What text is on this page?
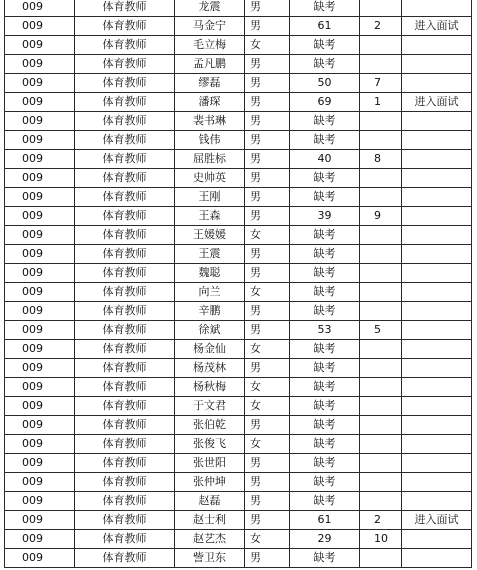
009	体育教师	龙震	男	缺考		
009	体育教师	马金宁	男	61	2	进入面试
009	体育教师	毛立梅	女	缺考		
009	体育教师	孟凡鹏	男	缺考		
009	体育教师	缪磊	男	50	7	
009	体育教师	潘琛	男	69	1	进入面试
009	体育教师	裴书琳	男	缺考		
009	体育教师	钱伟	男	缺考		
009	体育教师	屈胜标	男	40	8	
009	体育教师	史帅英	男	缺考		
009	体育教师	王刚	男	缺考		
009	体育教师	王森	男	39	9	
009	体育教师	王媛媛	女	缺考		
009	体育教师	王震	男	缺考		
009	体育教师	魏聪	男	缺考		
009	体育教师	向兰	女	缺考		
009	体育教师	辛鹏	男	缺考		
009	体育教师	徐斌	男	53	5	
009	体育教师	杨金仙	女	缺考		
009	体育教师	杨茂林	男	缺考		
009	体育教师	杨秋梅	女	缺考		
009	体育教师	于文君	女	缺考		
009	体育教师	张伯乾	男	缺考		
009	体育教师	张俊飞	女	缺考		
009	体育教师	张世阳	男	缺考		
009	体育教师	张仲坤	男	缺考		
009	体育教师	赵磊	男	缺考		
009	体育教师	赵士利	男	61	2	进入面试
009	体育教师	赵艺杰	女	29	10	
009	体育教师	訾卫东	男	缺考		
